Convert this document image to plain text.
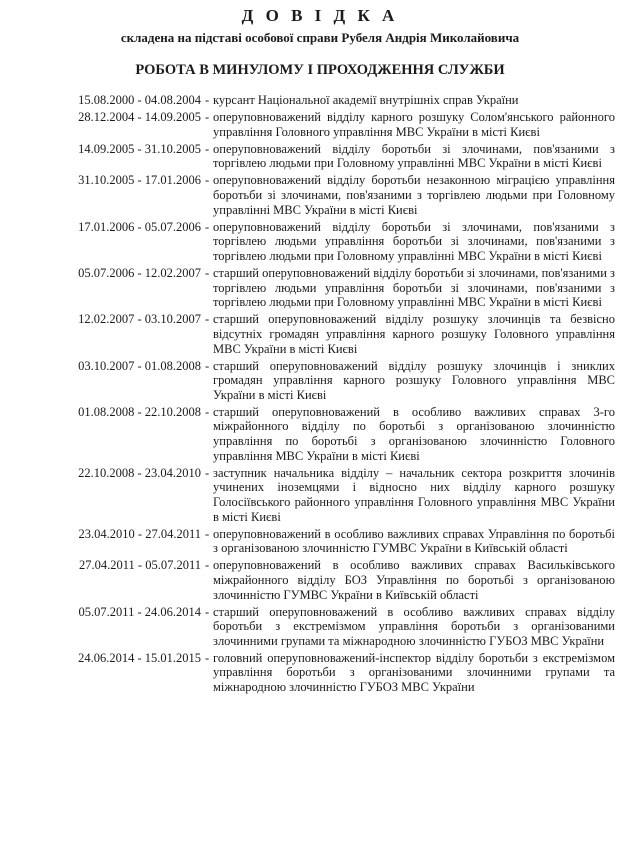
Д О В І Д К А
складена на підставі особової справи Рубеля Андрія Миколайовича
РОБОТА В МИНУЛОМУ І ПРОХОДЖЕННЯ СЛУЖБИ
15.08.2000 - 04.08.2004 - курсант Національної академії внутрішніх справ України
28.12.2004 - 14.09.2005 - оперуповноважений відділу карного розшуку Солом'янського районного управління Головного управління МВС України в місті Києві
14.09.2005 - 31.10.2005 - оперуповноважений відділу боротьби зі злочинами, пов'язаними з торгівлею людьми при Головному управлінні МВС України в місті Києві
31.10.2005 - 17.01.2006 - оперуповноважений відділу боротьби незаконною міграцією управління боротьби зі злочинами, пов'язаними з торгівлею людьми при Головному управлінні МВС України в місті Києві
17.01.2006 - 05.07.2006 - оперуповноважений відділу боротьби зі злочинами, пов'язаними з торгівлею людьми управління боротьби зі злочинами, пов'язаними з торгівлею людьми при Головному управлінні МВС України в місті Києві
05.07.2006 - 12.02.2007 - старший оперуповноважений відділу боротьби зі злочинами, пов'язаними з торгівлею людьми управління боротьби зі злочинами, пов'язаними з торгівлею людьми при Головному управлінні МВС України в місті Києві
12.02.2007 - 03.10.2007 - старший оперуповноважений відділу розшуку злочинців та безвісно відсутніх громадян управління карного розшуку Головного управління МВС України в місті Києві
03.10.2007 - 01.08.2008 - старший оперуповноважений відділу розшуку злочинців і зниклих громадян управління карного розшуку Головного управління МВС України в місті Києві
01.08.2008 - 22.10.2008 - старший оперуповноважений в особливо важливих справах 3-го міжрайонного відділу по боротьбі з організованою злочинністю управління по боротьбі з організованою злочинністю Головного управління МВС України в місті Києві
22.10.2008 - 23.04.2010 - заступник начальника відділу – начальник сектора розкриття злочинів учинених іноземцями і відносно них відділу карного розшуку Голосіївського районного управління Головного управління МВС України в місті Києві
23.04.2010 - 27.04.2011 - оперуповноважений в особливо важливих справах Управління по боротьбі з організованою злочинністю ГУМВС України в Київській області
27.04.2011 - 05.07.2011 - оперуповноважений в особливо важливих справах Васильківського міжрайонного відділу БОЗ Управління по боротьбі з організованою злочинністю ГУМВС України в Київській області
05.07.2011 - 24.06.2014 - старший оперуповноважений в особливо важливих справах відділу боротьби з екстремізмом управління боротьби з організованими злочинними групами та міжнародною злочинністю ГУБОЗ МВС України
24.06.2014 - 15.01.2015 - головний оперуповноважений-інспектор відділу боротьби з екстремізмом управління боротьби з організованими злочинними групами та міжнародною злочинністю ГУБОЗ МВС України
